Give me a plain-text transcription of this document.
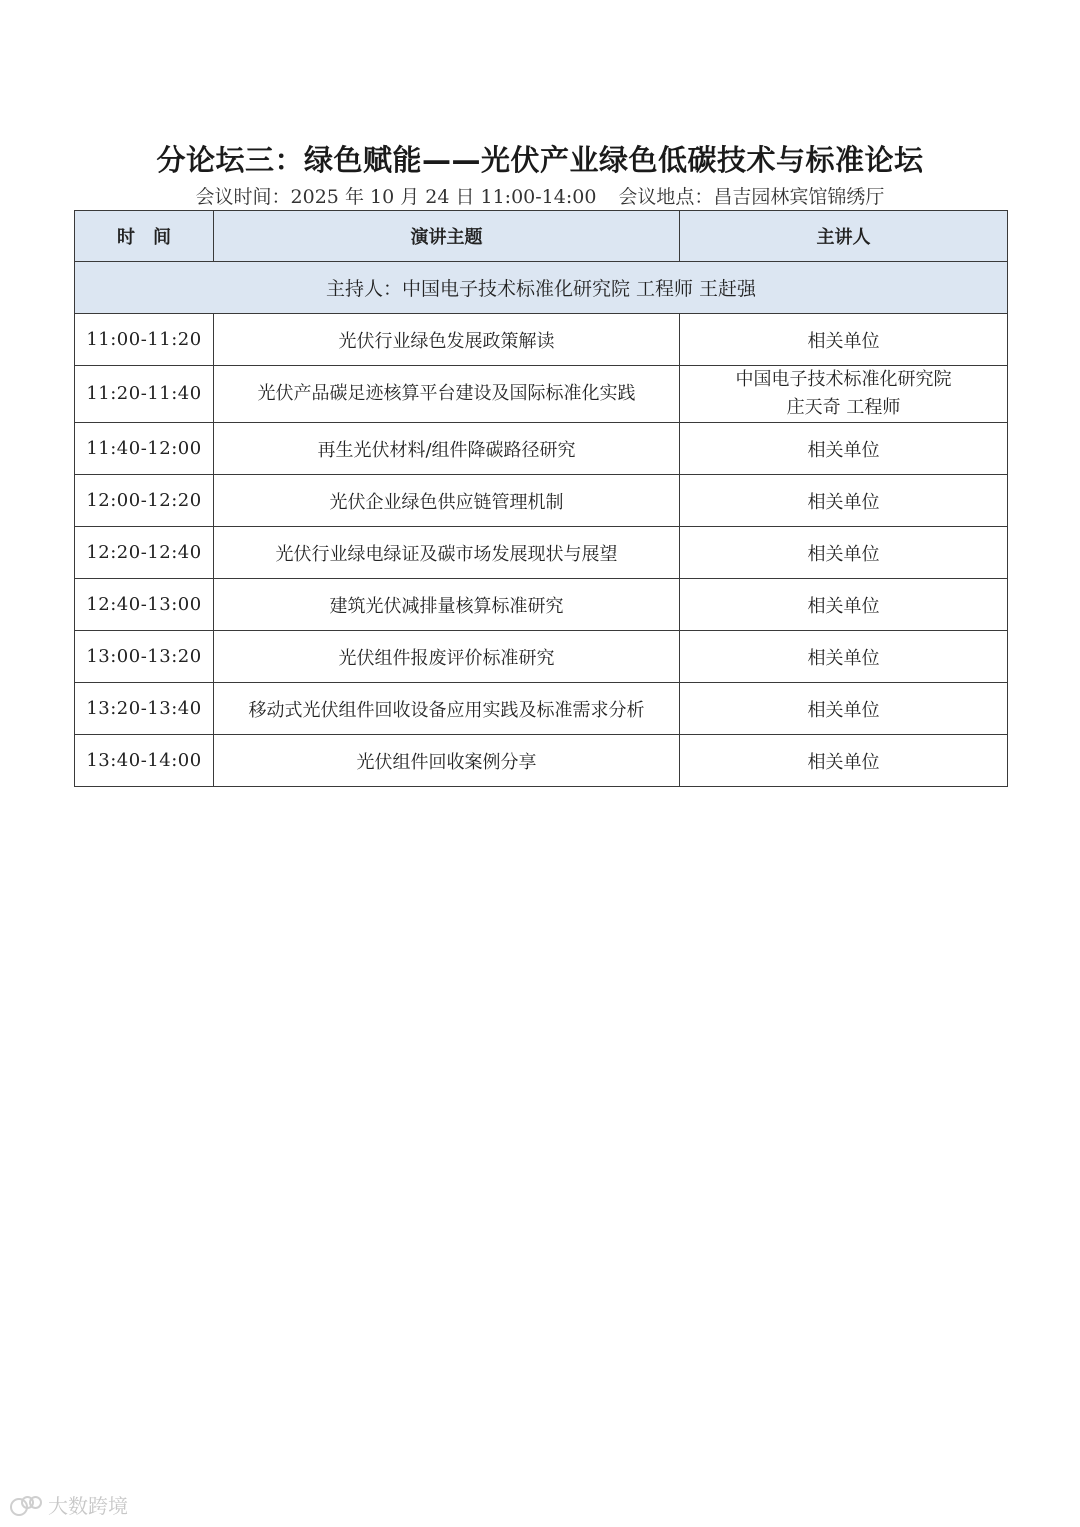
分论坛三：绿色赋能——光伏产业绿色低碳技术与标准论坛
会议时间：2025 年 10 月 24 日 11:00-14:00 会议地点：昌吉园林宾馆锦绣厅
时　间	演讲主题	主讲人
主持人：中国电子技术标准化研究院 工程师 王赶强		
11:00-11:20	光伏行业绿色发展政策解读	相关单位
11:20-11:40	光伏产品碳足迹核算平台建设及国际标准化实践	中国电子技术标准化研究院
庄天奇 工程师

11:40-12:00	再生光伏材料/组件降碳路径研究	相关单位
12:00-12:20	光伏企业绿色供应链管理机制	相关单位
12:20-12:40	光伏行业绿电绿证及碳市场发展现状与展望	相关单位
12:40-13:00	建筑光伏减排量核算标准研究	相关单位
13:00-13:20	光伏组件报废评价标准研究	相关单位
13:20-13:40	移动式光伏组件回收设备应用实践及标准需求分析	相关单位
13:40-14:00	光伏组件回收案例分享	相关单位
大数跨境
